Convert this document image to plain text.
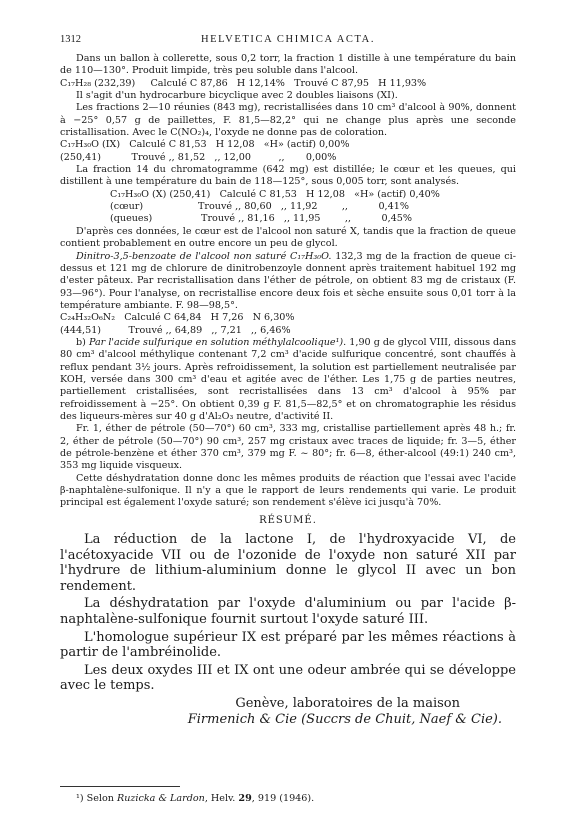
1312	HELVETICA CHIMICA ACTA.

Dans un ballon à collerette, sous 0,2 torr, la fraction 1 distille à une température du bain de 110—130°. Produit limpide, très peu soluble dans l'alcool.

C₁₇H₂₈ (232,39)     Calculé C 87,86   H 12,14%   Trouvé C 87,95   H 11,93%

Il s'agit d'un hydrocarbure bicyclique avec 2 doubles liaisons (XI).

Les fractions 2—10 réunies (843 mg), recristallisées dans 10 cm³ d'alcool à 90%, donnent à −25° 0,57 g de paillettes, F. 81,5—82,2° qui ne change plus après une seconde cristallisation. Avec le C(NO₂)₄, l'oxyde ne donne pas de coloration.

C₁₇H₃₀O (IX)   Calculé C 81,53   H 12,08   «H» (actif) 0,00%

(250,41)          Trouvé ,, 81,52   ,, 12,00         ,,       0,00%

La fraction 14 du chromatogramme (642 mg) est distillée; le cœur et les queues, qui distillent à une température du bain de 118—125°, sous 0,005 torr, sont analysés.

C₁₇H₃₀O (X) (250,41)   Calculé C 81,53   H 12,08   «H» (actif) 0,40%

(cœur)                  Trouvé ,, 80,60   ,, 11,92        ,,          0,41%

(queues)                Trouvé ,, 81,16   ,, 11,95        ,,          0,45%

D'après ces données, le cœur est de l'alcool non saturé X, tandis que la fraction de queue contient probablement en outre encore un peu de glycol.

Dinitro-3,5-benzoate de l'alcool non saturé C₁₇H₃₀O. 132,3 mg de la fraction de queue ci-dessus et 121 mg de chlorure de dinitrobenzoyle donnent après traitement habituel 192 mg d'ester pâteux. Par recristallisation dans l'éther de pétrole, on obtient 83 mg de cristaux (F. 93—96°). Pour l'analyse, on recristallise encore deux fois et sèche ensuite sous 0,01 torr à la température ambiante. F. 98—98,5°.

C₂₄H₃₂O₆N₂   Calculé C 64,84   H 7,26   N 6,30%

(444,51)         Trouvé ,, 64,89   ,, 7,21   ,, 6,46%

b) Par l'acide sulfurique en solution méthylalcoolique¹). 1,90 g de glycol VIII, dissous dans 80 cm³ d'alcool méthylique contenant 7,2 cm³ d'acide sulfurique concentré, sont chauffés à reflux pendant 3½ jours. Après refroidissement, la solution est partiellement neutralisée par KOH, versée dans 300 cm³ d'eau et agitée avec de l'éther. Les 1,75 g de parties neutres, partiellement cristallisées, sont recristallisées dans 13 cm³ d'alcool à 95% par refroidissement à −25°. On obtient 0,39 g F. 81,5—82,5° et on chromatographie les résidus des liqueurs-mères sur 40 g d'Al₂O₃ neutre, d'activité II.

Fr. 1, éther de pétrole (50—70°) 60 cm³, 333 mg, cristallise partiellement après 48 h.; fr. 2, éther de pétrole (50—70°) 90 cm³, 257 mg cristaux avec traces de liquide; fr. 3—5, éther de pétrole-benzène et éther 370 cm³, 379 mg F. ~ 80°; fr. 6—8, éther-alcool (49:1) 240 cm³, 353 mg liquide visqueux.

Cette déshydratation donne donc les mêmes produits de réaction que l'essai avec l'acide β-naphtalène-sulfonique. Il n'y a que le rapport de leurs rendements qui varie. Le produit principal est également l'oxyde saturé; son rendement s'élève ici jusqu'à 70%.

RÉSUMÉ.

La réduction de la lactone I, de l'hydroxyacide VI, de l'acétoxyacide VII ou de l'ozonide de l'oxyde non saturé XII par l'hydrure de lithium-aluminium donne le glycol II avec un bon rendement.

La déshydratation par l'oxyde d'aluminium ou par l'acide β-naphtalène-sulfonique fournit surtout l'oxyde saturé III.

L'homologue supérieur IX est préparé par les mêmes réactions à partir de l'ambréinolide.

Les deux oxydes III et IX ont une odeur ambrée qui se développe avec le temps.

Genève, laboratoires de la maison
Firmenich & Cie (Succrs de Chuit, Naef & Cie).
¹) Selon Ruzicka & Lardon, Helv. 29, 919 (1946).
